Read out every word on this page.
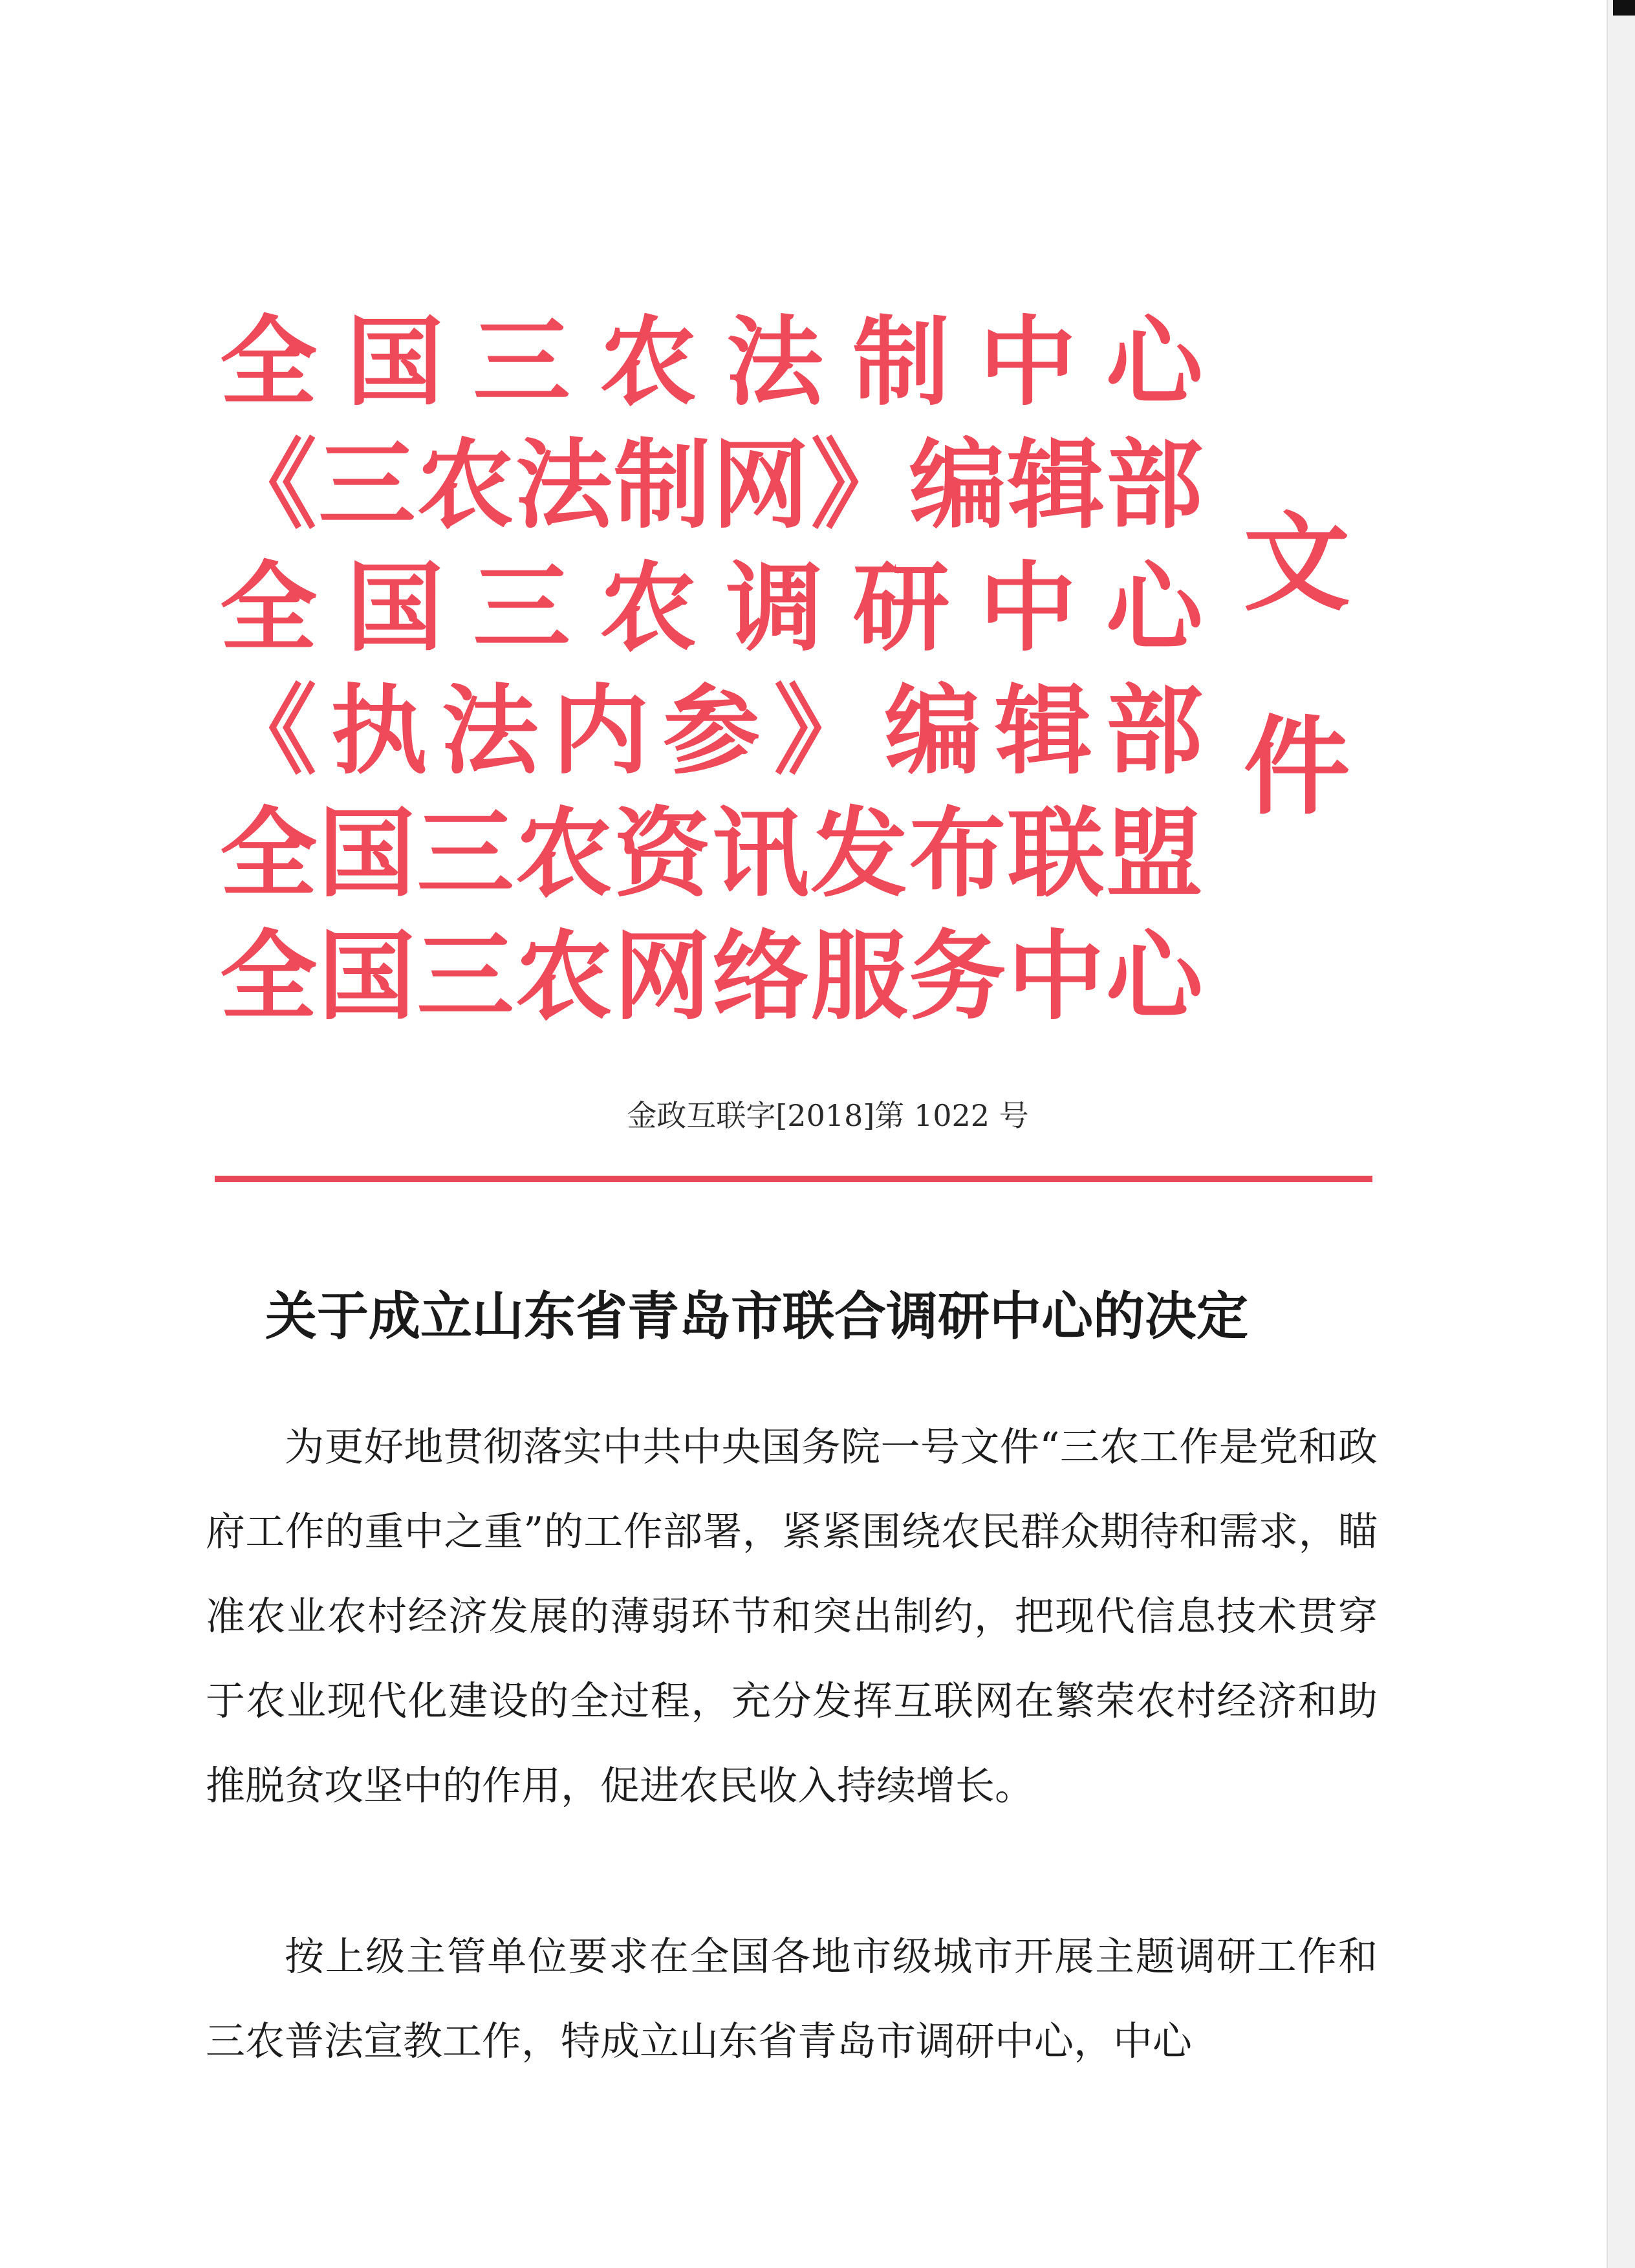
全 国 三 农 法 制 中 心
《 三 农 法 制 网 》 编 辑 部
全 国 三 农 调 研 中 心
《 执 法 内 参 》 编 辑 部
全 国 三 农 资 讯 发 布 联 盟
全 国 三 农 网 络 服 务 中 心
文
件
金政互联字[2018]第 1022 号
关于成立山东省青岛市联合调研中心的决定
为更好地贯彻落实中共中央国务院一号文件“三农工作是党和政府工作的重中之重”的工作部署，紧紧围绕农民群众期待和需求，瞄准农业农村经济发展的薄弱环节和突出制约，把现代信息技术贯穿于农业现代化建设的全过程，充分发挥互联网在繁荣农村经济和助推脱贫攻坚中的作用，促进农民收入持续增长。
按上级主管单位要求在全国各地市级城市开展主题调研工作和三农普法宣教工作，特成立山东省青岛市调研中心，中心
